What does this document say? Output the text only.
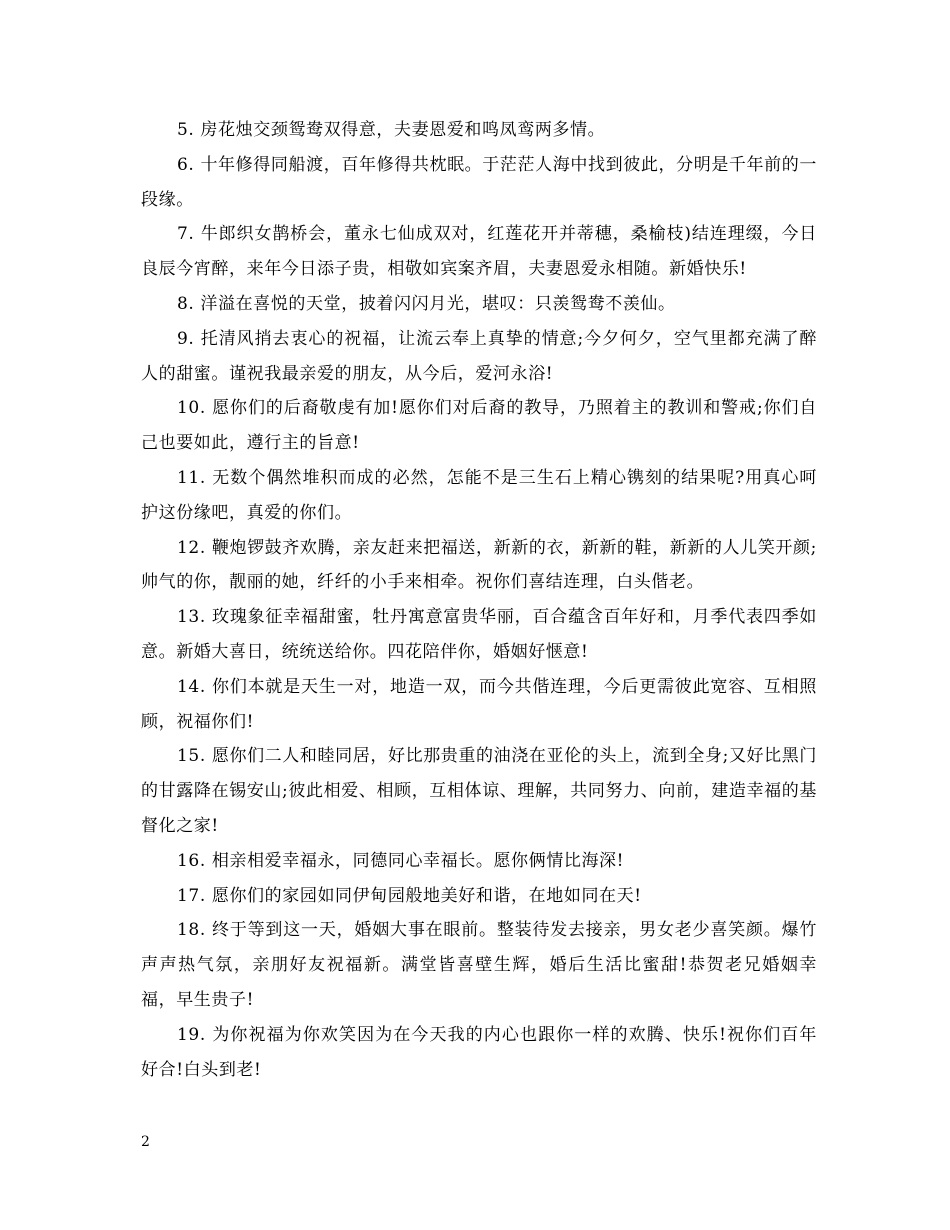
5. 房花烛交颈鸳鸯双得意，夫妻恩爱和鸣凤鸾两多情。

6. 十年修得同船渡，百年修得共枕眠。于茫茫人海中找到彼此，分明是千年前的一段缘。

7. 牛郎织女鹊桥会，董永七仙成双对，红莲花开并蒂穗，桑榆枝)结连理缀，今日良辰今宵醉，来年今日添子贵，相敬如宾案齐眉，夫妻恩爱永相随。新婚快乐!

8. 洋溢在喜悦的天堂，披着闪闪月光，堪叹：只羡鸳鸯不羡仙。

9. 托清风捎去衷心的祝福，让流云奉上真挚的情意;今夕何夕，空气里都充满了醉人的甜蜜。谨祝我最亲爱的朋友，从今后，爱河永浴!

10. 愿你们的后裔敬虔有加!愿你们对后裔的教导，乃照着主的教训和警戒;你们自己也要如此，遵行主的旨意!

11. 无数个偶然堆积而成的必然，怎能不是三生石上精心镌刻的结果呢?用真心呵护这份缘吧，真爱的你们。

12. 鞭炮锣鼓齐欢腾，亲友赶来把福送，新新的衣，新新的鞋，新新的人儿笑开颜;帅气的你，靓丽的她，纤纤的小手来相牵。祝你们喜结连理，白头偕老。

13. 玫瑰象征幸福甜蜜，牡丹寓意富贵华丽，百合蕴含百年好和，月季代表四季如意。新婚大喜日，统统送给你。四花陪伴你，婚姻好惬意!

14. 你们本就是天生一对，地造一双，而今共偕连理，今后更需彼此宽容、互相照顾，祝福你们!

15. 愿你们二人和睦同居，好比那贵重的油浇在亚伦的头上，流到全身;又好比黑门的甘露降在锡安山;彼此相爱、相顾，互相体谅、理解，共同努力、向前，建造幸福的基督化之家!

16. 相亲相爱幸福永，同德同心幸福长。愿你俩情比海深!

17. 愿你们的家园如同伊甸园般地美好和谐，在地如同在天!

18. 终于等到这一天，婚姻大事在眼前。整装待发去接亲，男女老少喜笑颜。爆竹声声热气氛，亲朋好友祝福新。满堂皆喜壁生辉，婚后生活比蜜甜!恭贺老兄婚姻幸福，早生贵子!

19. 为你祝福为你欢笑因为在今天我的内心也跟你一样的欢腾、快乐!祝你们百年好合!白头到老!

2
